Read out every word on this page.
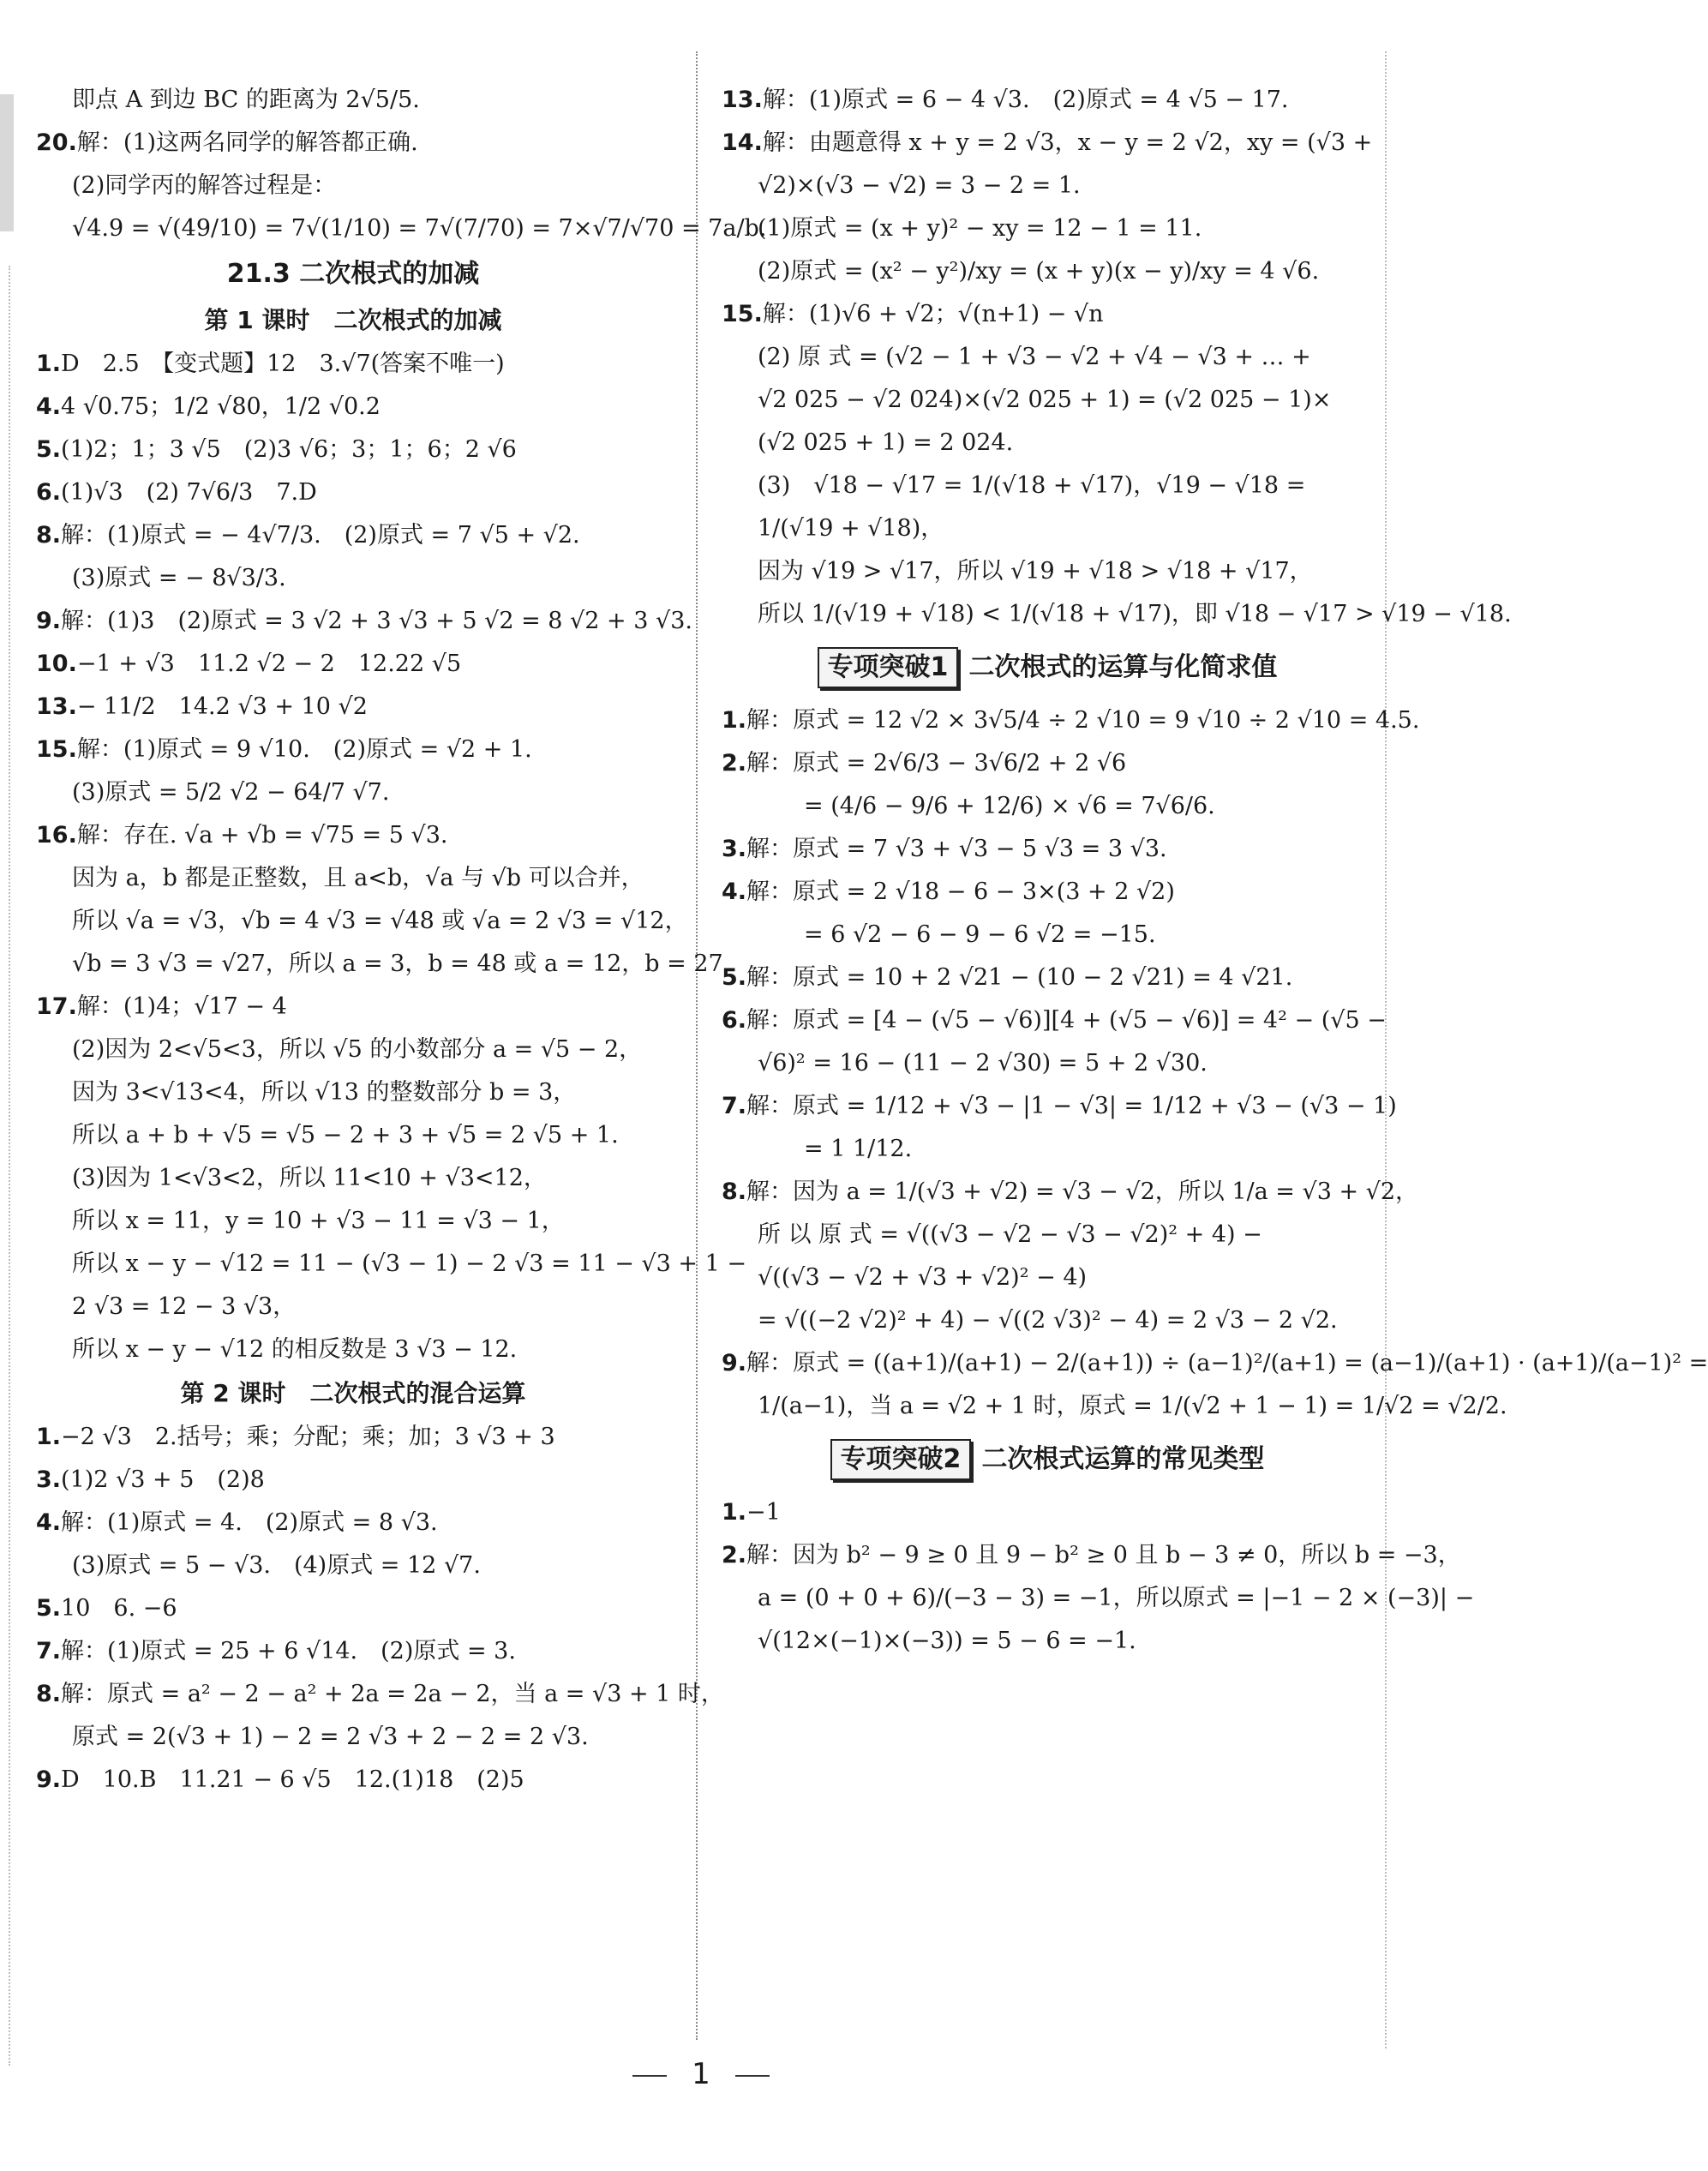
即点 A 到边 BC 的距离为 2√5/5.
20.解：(1)这两名同学的解答都正确.
(2)同学丙的解答过程是：
√4.9 = √(49/10) = 7√(1/10) = 7√(7/70) = 7×√7/√70 = 7a/b.
21.3 二次根式的加减
第 1 课时　二次根式的加减
1.D　2.5　【变式题】12　3.√7(答案不唯一)
4.4 √0.75；1/2 √80，1/2 √0.2
5.(1)2；1；3 √5　(2)3 √6；3；1；6；2 √6
6.(1)√3　(2) 7√6/3　7.D
8.解：(1)原式 = − 4√7/3.　(2)原式 = 7 √5 + √2.
(3)原式 = − 8√3/3.
9.解：(1)3　(2)原式 = 3 √2 + 3 √3 + 5 √2 = 8 √2 + 3 √3.
10.−1 + √3　11.2 √2 − 2　12.22 √5
13.− 11/2　14.2 √3 + 10 √2
15.解：(1)原式 = 9 √10.　(2)原式 = √2 + 1.
(3)原式 = 5/2 √2 − 64/7 √7.
16.解：存在. √a + √b = √75 = 5 √3.
因为 a，b 都是正整数，且 a<b，√a 与 √b 可以合并，
所以 √a = √3，√b = 4 √3 = √48 或 √a = 2 √3 = √12，
√b = 3 √3 = √27，所以 a = 3，b = 48 或 a = 12，b = 27.
17.解：(1)4；√17 − 4
(2)因为 2<√5<3，所以 √5 的小数部分 a = √5 − 2，
因为 3<√13<4，所以 √13 的整数部分 b = 3，
所以 a + b + √5 = √5 − 2 + 3 + √5 = 2 √5 + 1.
(3)因为 1<√3<2，所以 11<10 + √3<12，
所以 x = 11，y = 10 + √3 − 11 = √3 − 1，
所以 x − y − √12 = 11 − (√3 − 1) − 2 √3 = 11 − √3 + 1 −
2 √3 = 12 − 3 √3，
所以 x − y − √12 的相反数是 3 √3 − 12.
第 2 课时　二次根式的混合运算
1.−2 √3　2.括号；乘；分配；乘；加；3 √3 + 3
3.(1)2 √3 + 5　(2)8
4.解：(1)原式 = 4.　(2)原式 = 8 √3.
(3)原式 = 5 − √3.　(4)原式 = 12 √7.
5.10　6. −6
7.解：(1)原式 = 25 + 6 √14.　(2)原式 = 3.
8.解：原式 = a² − 2 − a² + 2a = 2a − 2，当 a = √3 + 1 时，
原式 = 2(√3 + 1) − 2 = 2 √3 + 2 − 2 = 2 √3.
9.D　10.B　11.21 − 6 √5　12.(1)18　(2)5
13.解：(1)原式 = 6 − 4 √3.　(2)原式 = 4 √5 − 17.
14.解：由题意得 x + y = 2 √3，x − y = 2 √2，xy = (√3 +
√2)×(√3 − √2) = 3 − 2 = 1.
(1)原式 = (x + y)² − xy = 12 − 1 = 11.
(2)原式 = (x² − y²)/xy = (x + y)(x − y)/xy = 4 √6.
15.解：(1)√6 + √2；√(n+1) − √n
(2) 原 式 = (√2 − 1 + √3 − √2 + √4 − √3 + … +
√2 025 − √2 024)×(√2 025 + 1) = (√2 025 − 1)×
(√2 025 + 1) = 2 024.
(3)　√18 − √17 = 1/(√18 + √17)，√19 − √18 =
1/(√19 + √18)，
因为 √19 > √17，所以 √19 + √18 > √18 + √17，
所以 1/(√19 + √18) < 1/(√18 + √17)，即 √18 − √17 > √19 − √18.
专项突破1 二次根式的运算与化简求值
1.解：原式 = 12 √2 × 3√5/4 ÷ 2 √10 = 9 √10 ÷ 2 √10 = 4.5.
2.解：原式 = 2√6/3 − 3√6/2 + 2 √6
= (4/6 − 9/6 + 12/6) × √6 = 7√6/6.
3.解：原式 = 7 √3 + √3 − 5 √3 = 3 √3.
4.解：原式 = 2 √18 − 6 − 3×(3 + 2 √2)
= 6 √2 − 6 − 9 − 6 √2 = −15.
5.解：原式 = 10 + 2 √21 − (10 − 2 √21) = 4 √21.
6.解：原式 = [4 − (√5 − √6)][4 + (√5 − √6)] = 4² − (√5 −
√6)² = 16 − (11 − 2 √30) = 5 + 2 √30.
7.解：原式 = 1/12 + √3 − |1 − √3| = 1/12 + √3 − (√3 − 1)
= 1 1/12.
8.解：因为 a = 1/(√3 + √2) = √3 − √2，所以 1/a = √3 + √2，
所 以 原 式 = √((√3 − √2 − √3 − √2)² + 4) −
√((√3 − √2 + √3 + √2)² − 4)
= √((−2 √2)² + 4) − √((2 √3)² − 4) = 2 √3 − 2 √2.
9.解：原式 = ((a+1)/(a+1) − 2/(a+1)) ÷ (a−1)²/(a+1) = (a−1)/(a+1) · (a+1)/(a−1)² =
1/(a−1)，当 a = √2 + 1 时，原式 = 1/(√2 + 1 − 1) = 1/√2 = √2/2.
专项突破2 二次根式运算的常见类型
1.−1
2.解：因为 b² − 9 ≥ 0 且 9 − b² ≥ 0 且 b − 3 ≠ 0，所以 b = −3，
a = (0 + 0 + 6)/(−3 − 3) = −1，所以原式 = |−1 − 2 × (−3)| −
√(12×(−1)×(−3)) = 5 − 6 = −1.
1
